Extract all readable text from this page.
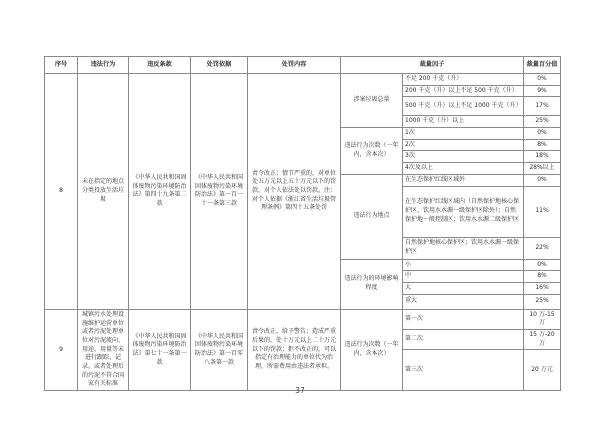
序号	违法行为	违反条款	处罚依据	处罚内容	裁量因子		裁量百分值
8	未在指定的地点分类投放生活垃圾	《中华人民共和国固体废物污染环境防治法》第四十九条第二款	《中华人民共和国固体废物污染环境防治法》第一百一十一条第三款	责令改正；情节严重的，对单位处五万元以上五十万元以下的罚款，对个人依法处以罚款。注：对个人依据《浙江省生活垃圾管理条例》第四十五条处罚	涉案垃圾总量	不足 200 千克（升）	0%
						200 千克（升）以上不足 500 千克（升）	9%
						500 千克（升）以上不足 1000 千克（升）	17%
						1000 千克（升）以上	25%
					违法行为次数（一年内，含本次）	1次	0%
						2次	8%
						3次	18%
						4次及以上	28%以上
					违法行为地点	在生态保护红线区域外	0%
						在生态保护红线区域内（自然保护地核心保护区、饮用水水源一级保护区除外）；自然保护地一般控制区；饮用水水源二级保护区	11%
						自然保护地核心保护区；饮用水水源一级保护区	22%
					违法行为的环境影响程度	小	0%
						中	8%
						大	16%
						重大	25%
9	城镇污水处理设施维护运营单位或者污泥处理单位对污泥流向、用途、用量等未进行跟踪、记录，或者处理后的污泥不符合国家有关标准	《中华人民共和国固体废物污染环境防治法》第七十一条第一款	《中华人民共和国固体废物污染环境防治法》第一百零八条第一款	责令改正，给予警告；造成严重后果的，处十万元以上二十万元以下的罚款；拒不改正的，可以指定有治理能力的单位代为治理，所需费用由违法者承担。	违法行为次数（一年内，含本次）	第一次	10 万-15 万
						第二次	15 万-20 万
						第三次	20 万元
37
